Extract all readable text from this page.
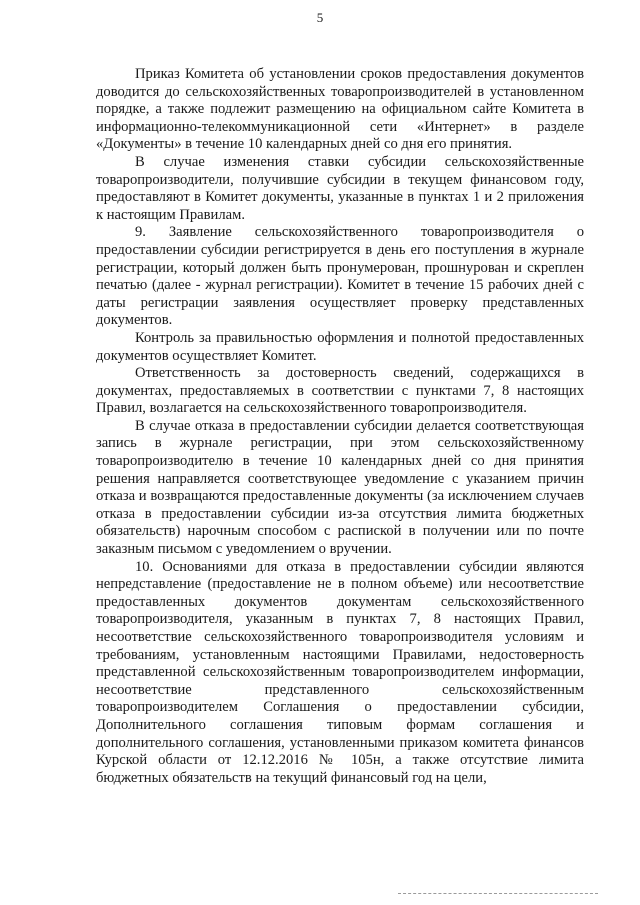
5

Приказ Комитета об установлении сроков предоставления документов доводится до сельскохозяйственных товаропроизводителей в установленном порядке, а также подлежит размещению на официальном сайте Комитета в информационно-телекоммуникационной сети «Интернет» в разделе «Документы» в течение 10 календарных дней со дня его принятия.

В случае изменения ставки субсидии сельскохозяйственные товаропроизводители, получившие субсидии в текущем финансовом году, предоставляют в Комитет документы, указанные в пунктах 1 и 2 приложения к настоящим Правилам.

9. Заявление сельскохозяйственного товаропроизводителя о предоставлении субсидии регистрируется в день его поступления в журнале регистрации, который должен быть пронумерован, прошнурован и скреплен печатью (далее - журнал регистрации). Комитет в течение 15 рабочих дней с даты регистрации заявления осуществляет проверку представленных документов.

Контроль за правильностью оформления и полнотой предоставленных документов осуществляет Комитет.

Ответственность за достоверность сведений, содержащихся в документах, предоставляемых в соответствии с пунктами 7, 8 настоящих Правил, возлагается на сельскохозяйственного товаропроизводителя.

В случае отказа в предоставлении субсидии делается соответствующая запись в журнале регистрации, при этом сельскохозяйственному товаропроизводителю в течение 10 календарных дней со дня принятия решения направляется соответствующее уведомление с указанием причин отказа и возвращаются предоставленные документы (за исключением случаев отказа в предоставлении субсидии из-за отсутствия лимита бюджетных обязательств) нарочным способом с распиской в получении или по почте заказным письмом с уведомлением о вручении.

10. Основаниями для отказа в предоставлении субсидии являются непредставление (предоставление не в полном объеме) или несоответствие предоставленных документов документам сельскохозяйственного товаропроизводителя, указанным в пунктах 7, 8 настоящих Правил, несоответствие сельскохозяйственного товаропроизводителя условиям и требованиям, установленным настоящими Правилами, недостоверность представленной сельскохозяйственным товаропроизводителем информации, несоответствие представленного сельскохозяйственным товаропроизводителем Соглашения о предоставлении субсидии, Дополнительного соглашения типовым формам соглашения и дополнительного соглашения, установленными приказом комитета финансов Курской области от 12.12.2016 № 105н, а также отсутствие лимита бюджетных обязательств на текущий финансовый год на цели,
